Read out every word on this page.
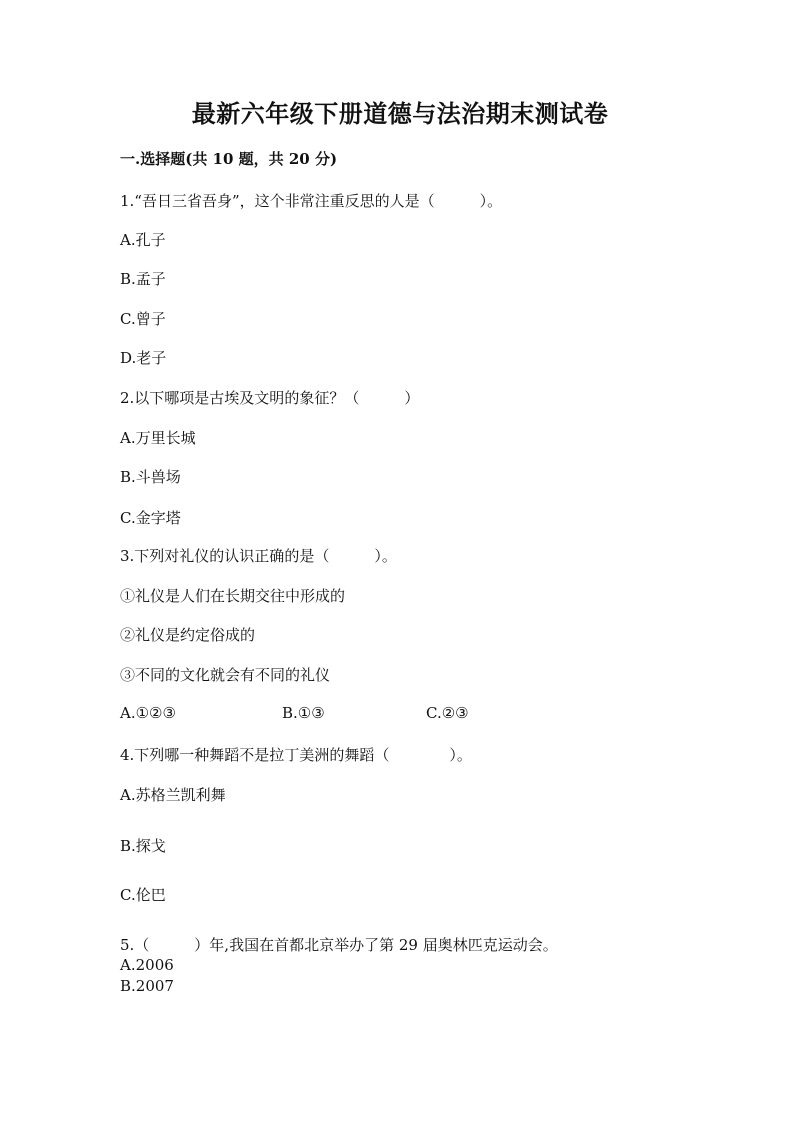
最新六年级下册道德与法治期末测试卷
一.选择题(共 10 题，共 20 分)
1.“吾日三省吾身”，这个非常注重反思的人是（　　　）。
A.孔子
B.孟子
C.曾子
D.老子
2.以下哪项是古埃及文明的象征？（　　　）
A.万里长城
B.斗兽场
C.金字塔
3.下列对礼仪的认识正确的是（　　　）。
①礼仪是人们在长期交往中形成的
②礼仪是约定俗成的
③不同的文化就会有不同的礼仪
A.①②③	B.①③	C.②③
4.下列哪一种舞蹈不是拉丁美洲的舞蹈（　　　　）。
A.苏格兰凯利舞
B.探戈
C.伦巴
5.（　　　）年,我国在首都北京举办了第 29 届奥林匹克运动会。
A.2006
B.2007
